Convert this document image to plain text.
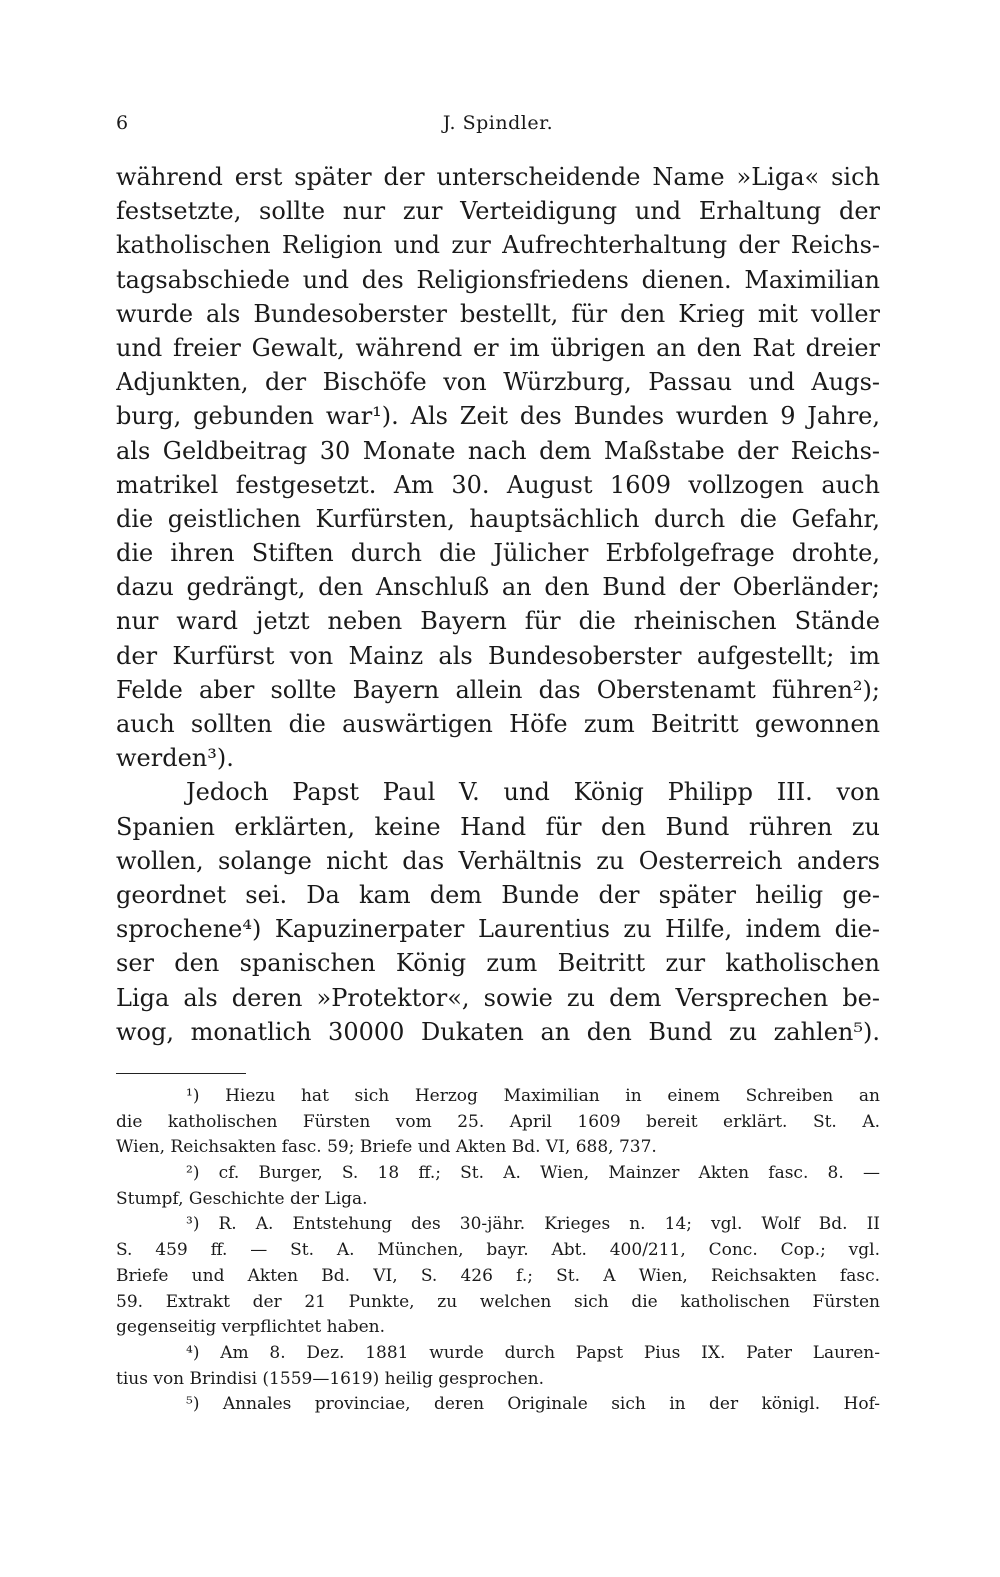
6	J. Spindler.
während erst später der unterscheidende Name »Liga« sich
festsetzte, sollte nur zur Verteidigung und Erhaltung der
katholischen Religion und zur Aufrechterhaltung der Reichs-
tagsabschiede und des Religionsfriedens dienen. Maximilian
wurde als Bundesoberster bestellt, für den Krieg mit voller
und freier Gewalt, während er im übrigen an den Rat dreier
Adjunkten, der Bischöfe von Würzburg, Passau und Augs-
burg, gebunden war¹). Als Zeit des Bundes wurden 9 Jahre,
als Geldbeitrag 30 Monate nach dem Maßstabe der Reichs-
matrikel festgesetzt. Am 30. August 1609 vollzogen auch
die geistlichen Kurfürsten, hauptsächlich durch die Gefahr,
die ihren Stiften durch die Jülicher Erbfolgefrage drohte,
dazu gedrängt, den Anschluß an den Bund der Oberländer;
nur ward jetzt neben Bayern für die rheinischen Stände
der Kurfürst von Mainz als Bundesoberster aufgestellt; im
Felde aber sollte Bayern allein das Oberstenamt führen²);
auch sollten die auswärtigen Höfe zum Beitritt gewonnen
werden³).
Jedoch Papst Paul V. und König Philipp III. von
Spanien erklärten, keine Hand für den Bund rühren zu
wollen, solange nicht das Verhältnis zu Oesterreich anders
geordnet sei. Da kam dem Bunde der später heilig ge-
sprochene⁴) Kapuzinerpater Laurentius zu Hilfe, indem die-
ser den spanischen König zum Beitritt zur katholischen
Liga als deren »Protektor«, sowie zu dem Versprechen be-
wog, monatlich 30000 Dukaten an den Bund zu zahlen⁵).
¹) Hiezu hat sich Herzog Maximilian in einem Schreiben an
die katholischen Fürsten vom 25. April 1609 bereit erklärt. St. A.
Wien, Reichsakten fasc. 59; Briefe und Akten Bd. VI, 688, 737.
²) cf. Burger, S. 18 ff.; St. A. Wien, Mainzer Akten fasc. 8. —
Stumpf, Geschichte der Liga.
³) R. A. Entstehung des 30-jähr. Krieges n. 14; vgl. Wolf Bd. II
S. 459 ff. — St. A. München, bayr. Abt. 400/211, Conc. Cop.; vgl.
Briefe und Akten Bd. VI, S. 426 f.; St. A Wien, Reichsakten fasc.
59. Extrakt der 21 Punkte, zu welchen sich die katholischen Fürsten
gegenseitig verpflichtet haben.
⁴) Am 8. Dez. 1881 wurde durch Papst Pius IX. Pater Lauren-
tius von Brindisi (1559—1619) heilig gesprochen.
⁵) Annales provinciae, deren Originale sich in der königl. Hof-
